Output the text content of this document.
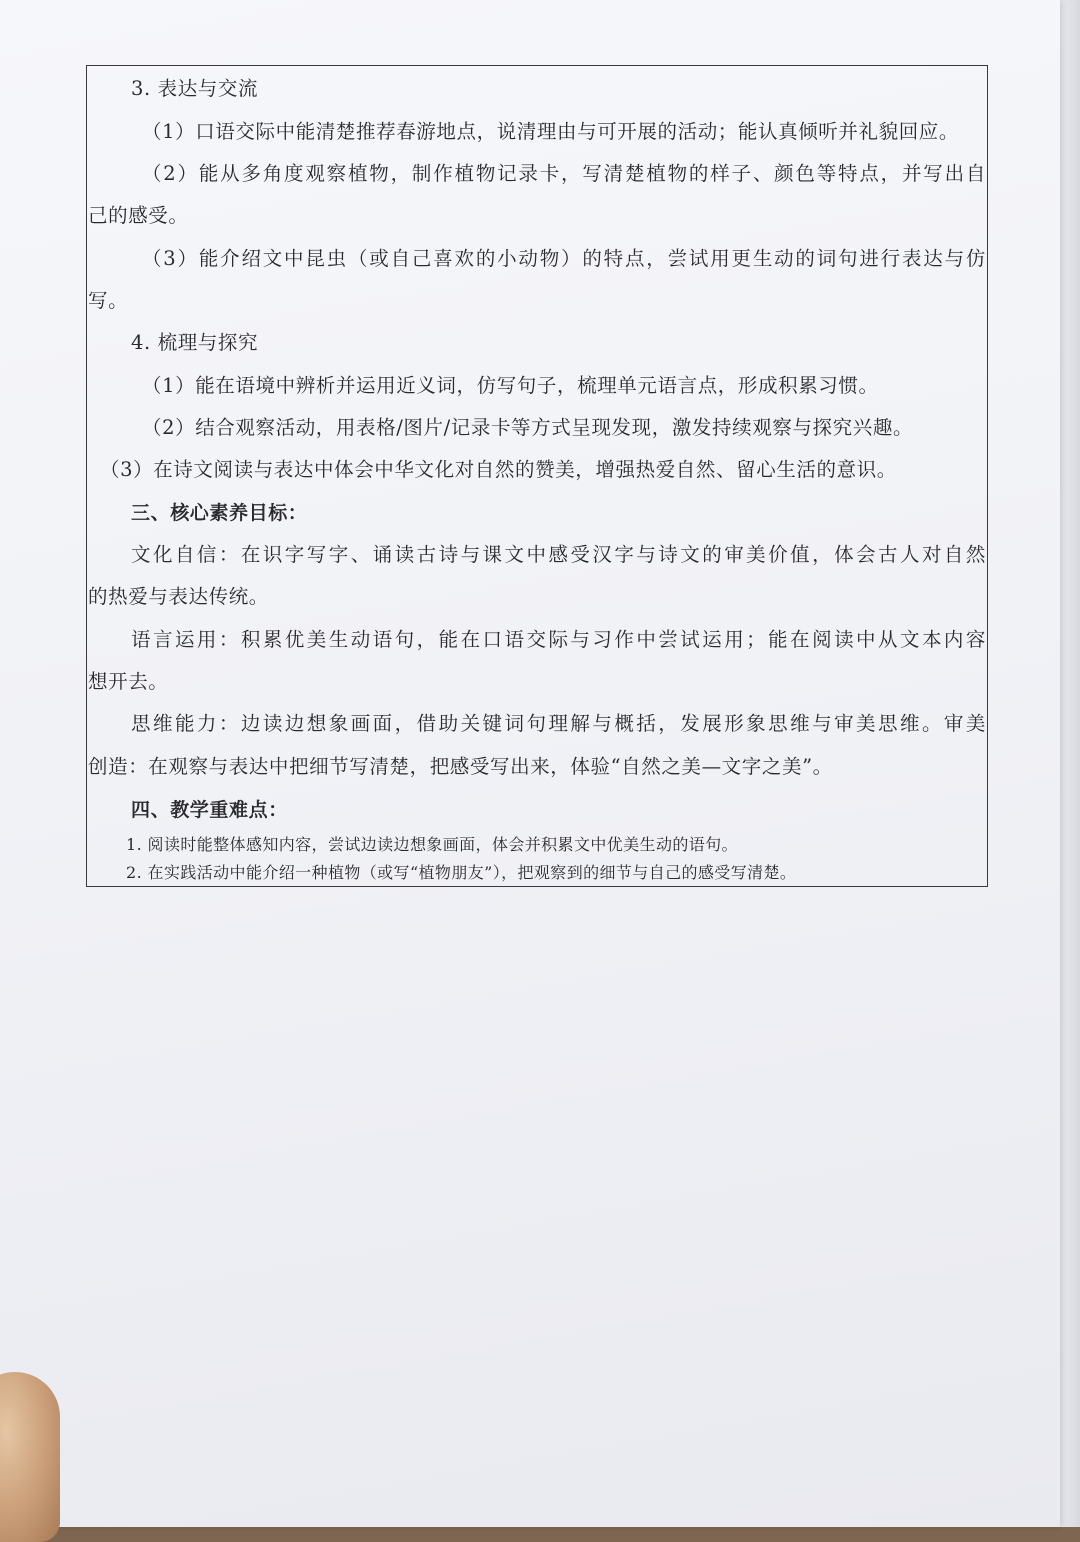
3. 表达与交流
（1）口语交际中能清楚推荐春游地点，说清理由与可开展的活动；能认真倾听并礼貌回应。
（2）能从多角度观察植物，制作植物记录卡，写清楚植物的样子、颜色等特点，并写出自
己的感受。
（3）能介绍文中昆虫（或自己喜欢的小动物）的特点，尝试用更生动的词句进行表达与仿
写。
4. 梳理与探究
（1）能在语境中辨析并运用近义词，仿写句子，梳理单元语言点，形成积累习惯。
（2）结合观察活动，用表格/图片/记录卡等方式呈现发现，激发持续观察与探究兴趣。
（3）在诗文阅读与表达中体会中华文化对自然的赞美，增强热爱自然、留心生活的意识。
三、核心素养目标：
文化自信：在识字写字、诵读古诗与课文中感受汉字与诗文的审美价值，体会古人对自然
的热爱与表达传统。
语言运用：积累优美生动语句，能在口语交际与习作中尝试运用；能在阅读中从文本内容
想开去。
思维能力：边读边想象画面，借助关键词句理解与概括，发展形象思维与审美思维。审美
创造：在观察与表达中把细节写清楚，把感受写出来，体验“自然之美—文字之美”。
四、教学重难点：
1. 阅读时能整体感知内容，尝试边读边想象画面，体会并积累文中优美生动的语句。
2. 在实践活动中能介绍一种植物（或写“植物朋友”），把观察到的细节与自己的感受写清楚。
